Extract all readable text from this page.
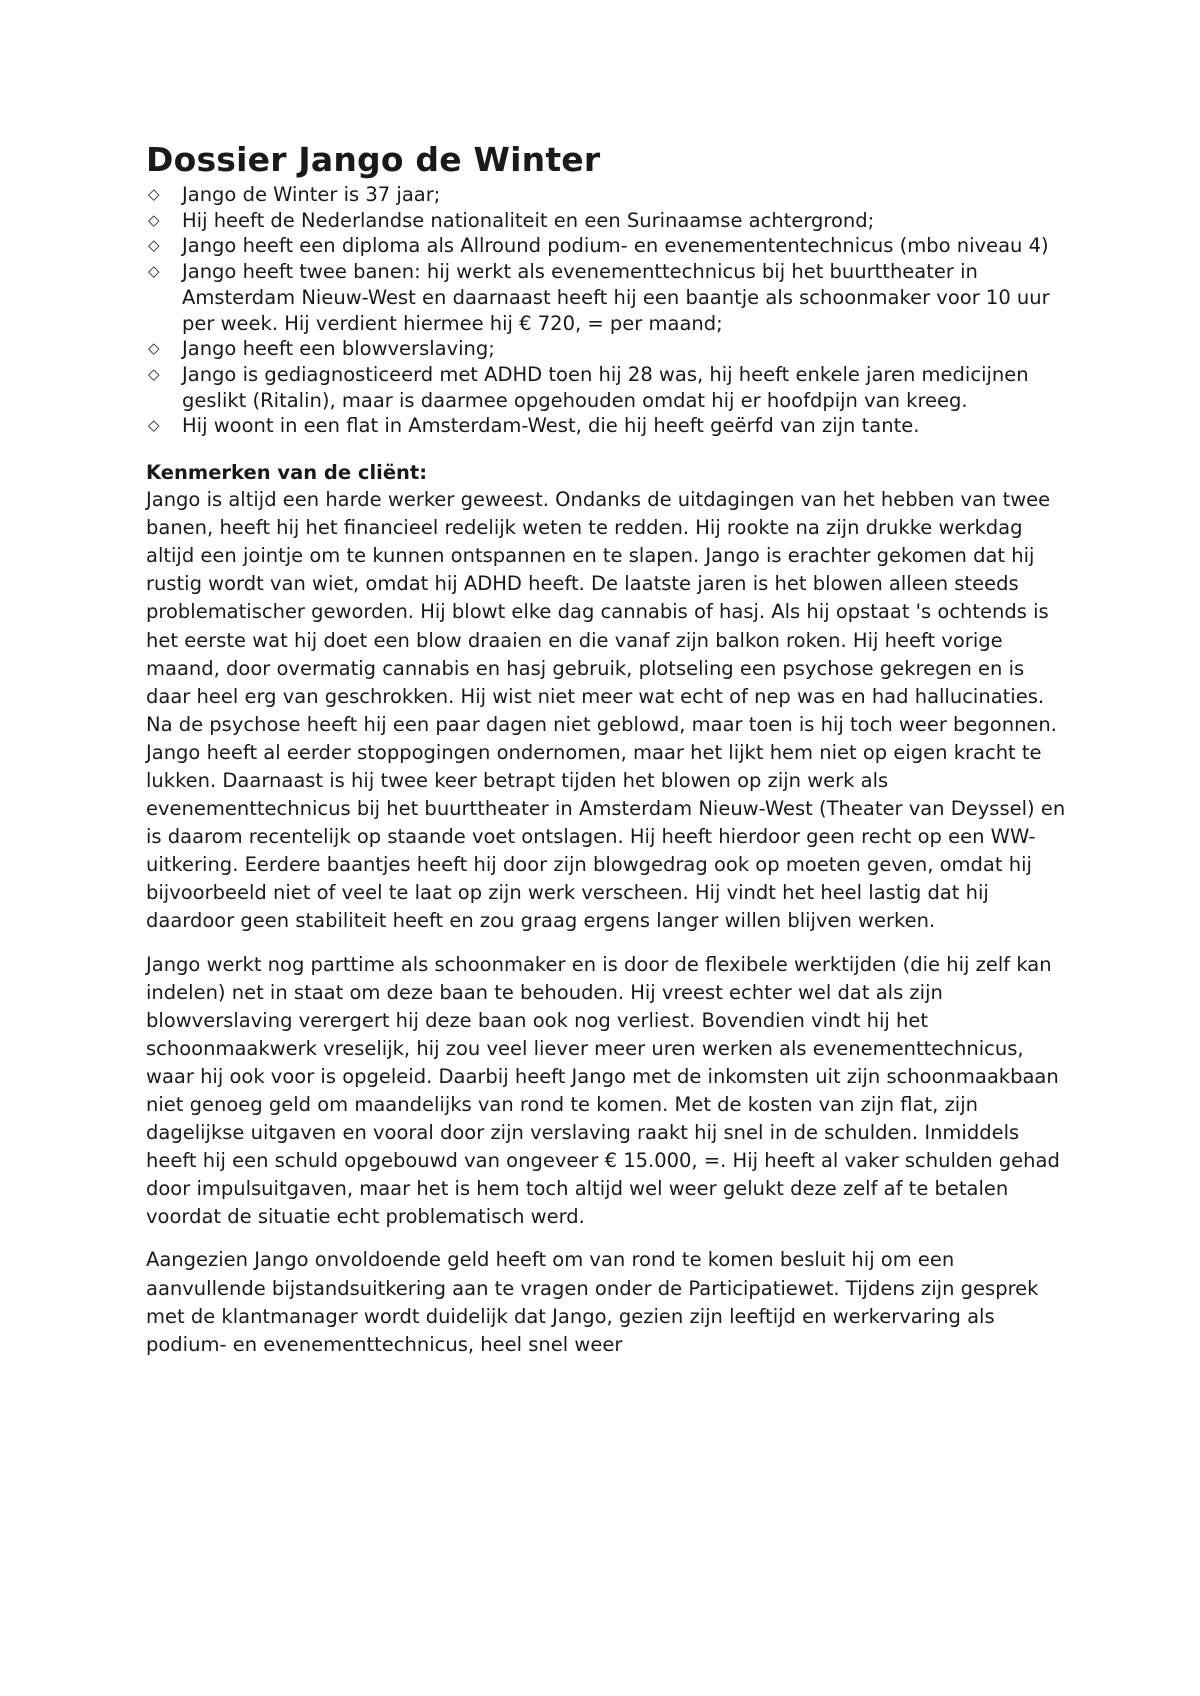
Dossier Jango de Winter
◇ Jango de Winter is 37 jaar;
◇ Hij heeft de Nederlandse nationaliteit en een Surinaamse achtergrond;
◇ Jango heeft een diploma als Allround podium- en evenemententechnicus (mbo niveau 4)
◇ Jango heeft twee banen: hij werkt als evenementtechnicus bij het buurttheater in Amsterdam Nieuw-West en daarnaast heeft hij een baantje als schoonmaker voor 10 uur per week. Hij verdient hiermee hij € 720, = per maand;
◇ Jango heeft een blowverslaving;
◇ Jango is gediagnosticeerd met ADHD toen hij 28 was, hij heeft enkele jaren medicijnen geslikt (Ritalin), maar is daarmee opgehouden omdat hij er hoofdpijn van kreeg.
◇ Hij woont in een flat in Amsterdam-West, die hij heeft geërfd van zijn tante.
Kenmerken van de cliënt:

Jango is altijd een harde werker geweest. Ondanks de uitdagingen van het hebben van twee banen, heeft hij het financieel redelijk weten te redden. Hij rookte na zijn drukke werkdag altijd een jointje om te kunnen ontspannen en te slapen. Jango is erachter gekomen dat hij rustig wordt van wiet, omdat hij ADHD heeft. De laatste jaren is het blowen alleen steeds problematischer geworden. Hij blowt elke dag cannabis of hasj. Als hij opstaat 's ochtends is het eerste wat hij doet een blow draaien en die vanaf zijn balkon roken. Hij heeft vorige maand, door overmatig cannabis en hasj gebruik, plotseling een psychose gekregen en is daar heel erg van geschrokken. Hij wist niet meer wat echt of nep was en had hallucinaties. Na de psychose heeft hij een paar dagen niet geblowd, maar toen is hij toch weer begonnen. Jango heeft al eerder stoppogingen ondernomen, maar het lijkt hem niet op eigen kracht te lukken. Daarnaast is hij twee keer betrapt tijden het blowen op zijn werk als evenementtechnicus bij het buurttheater in Amsterdam Nieuw-West (Theater van Deyssel) en is daarom recentelijk op staande voet ontslagen. Hij heeft hierdoor geen recht op een WW-uitkering. Eerdere baantjes heeft hij door zijn blowgedrag ook op moeten geven, omdat hij bijvoorbeeld niet of veel te laat op zijn werk verscheen. Hij vindt het heel lastig dat hij daardoor geen stabiliteit heeft en zou graag ergens langer willen blijven werken.

Jango werkt nog parttime als schoonmaker en is door de flexibele werktijden (die hij zelf kan indelen) net in staat om deze baan te behouden. Hij vreest echter wel dat als zijn blowverslaving verergert hij deze baan ook nog verliest. Bovendien vindt hij het schoonmaakwerk vreselijk, hij zou veel liever meer uren werken als evenementtechnicus, waar hij ook voor is opgeleid. Daarbij heeft Jango met de inkomsten uit zijn schoonmaakbaan niet genoeg geld om maandelijks van rond te komen. Met de kosten van zijn flat, zijn dagelijkse uitgaven en vooral door zijn verslaving raakt hij snel in de schulden. Inmiddels heeft hij een schuld opgebouwd van ongeveer € 15.000, =. Hij heeft al vaker schulden gehad door impulsuitgaven, maar het is hem toch altijd wel weer gelukt deze zelf af te betalen voordat de situatie echt problematisch werd.

Aangezien Jango onvoldoende geld heeft om van rond te komen besluit hij om een aanvullende bijstandsuitkering aan te vragen onder de Participatiewet. Tijdens zijn gesprek met de klantmanager wordt duidelijk dat Jango, gezien zijn leeftijd en werkervaring als podium- en evenementtechnicus, heel snel weer
